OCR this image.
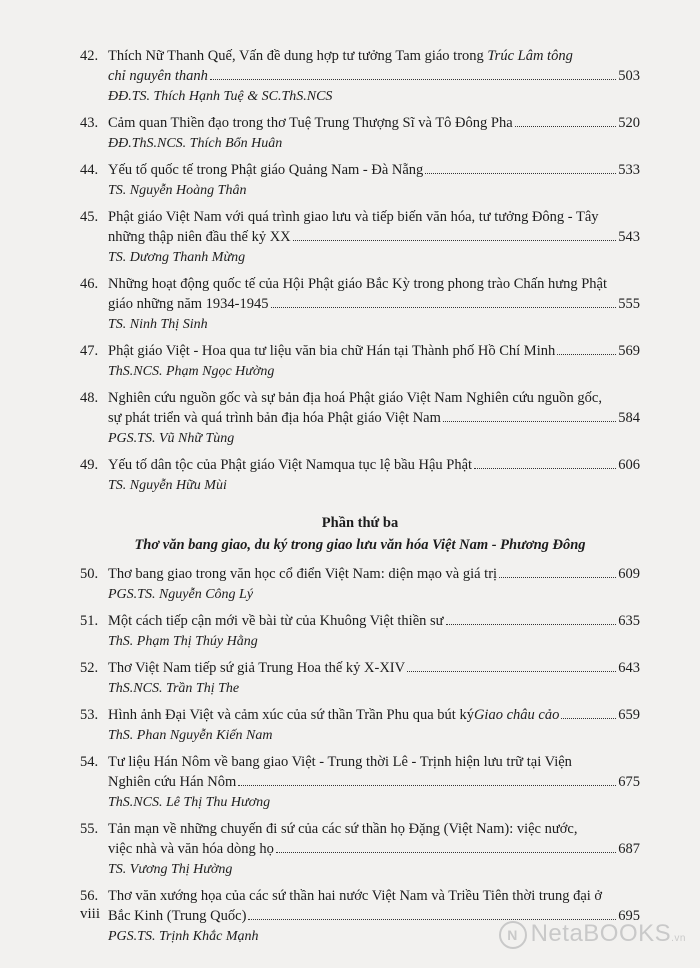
42. Thích Nữ Thanh Quế, Vấn đề dung hợp tư tưởng Tam giáo trong Trúc Lâm tông
chỉ nguyên thanh	503
ĐĐ.TS. Thích Hạnh Tuệ & SC.ThS.NCS
43. Cảm quan Thiền đạo trong thơ Tuệ Trung Thượng Sĩ và Tô Đông Pha	520
ĐĐ.ThS.NCS. Thích Bổn Huân
44. Yếu tố quốc tế trong Phật giáo Quảng Nam - Đà Nẵng	533
TS. Nguyễn Hoàng Thân
45. Phật giáo Việt Nam với quá trình giao lưu và tiếp biến văn hóa, tư tưởng Đông - Tây
những thập niên đầu thế kỷ XX	543
TS. Dương Thanh Mừng
46. Những hoạt động quốc tế của Hội Phật giáo Bắc Kỳ trong phong trào Chấn hưng Phật
giáo những năm 1934-1945	555
TS. Ninh Thị Sinh
47. Phật giáo Việt - Hoa qua tư liệu văn bia chữ Hán tại Thành phố Hồ Chí Minh	569
ThS.NCS. Phạm Ngọc Hường
48. Nghiên cứu nguồn gốc và sự bản địa hoá Phật giáo Việt Nam Nghiên cứu nguồn gốc,
sự phát triển và quá trình bản địa hóa Phật giáo Việt Nam	584
PGS.TS. Vũ Nhữ Tùng
49. Yếu tố dân tộc của Phật giáo Việt Namqua tục lệ bầu Hậu Phật	606
TS. Nguyễn Hữu Mùi
Phần thứ ba
Thơ văn bang giao, du ký trong giao lưu văn hóa Việt Nam - Phương Đông
50. Thơ bang giao trong văn học cổ điển Việt Nam: diện mạo và giá trị	609
PGS.TS. Nguyễn Công Lý
51. Một cách tiếp cận mới về bài từ của Khuông Việt thiền sư	635
ThS. Phạm Thị Thúy Hằng
52. Thơ Việt Nam tiếp sứ giả Trung Hoa thế kỷ X-XIV	643
ThS.NCS. Trần Thị The
53. Hình ảnh Đại Việt và cảm xúc của sứ thần Trần Phu qua bút ký Giao châu cảo	659
ThS. Phan Nguyễn Kiến Nam
54. Tư liệu Hán Nôm về bang giao Việt - Trung thời Lê - Trịnh hiện lưu trữ tại Viện
Nghiên cứu Hán Nôm	675
ThS.NCS. Lê Thị Thu Hương
55. Tản mạn về những chuyến đi sứ của các sứ thần họ Đặng (Việt Nam): việc nước,
việc nhà và văn hóa dòng họ	687
TS. Vương Thị Hường
56. Thơ văn xướng họa của các sứ thần hai nước Việt Nam và Triều Tiên thời trung đại ở
Bắc Kinh (Trung Quốc)	695
PGS.TS. Trịnh Khắc Mạnh
viii
N NetaBOOKS.vn
